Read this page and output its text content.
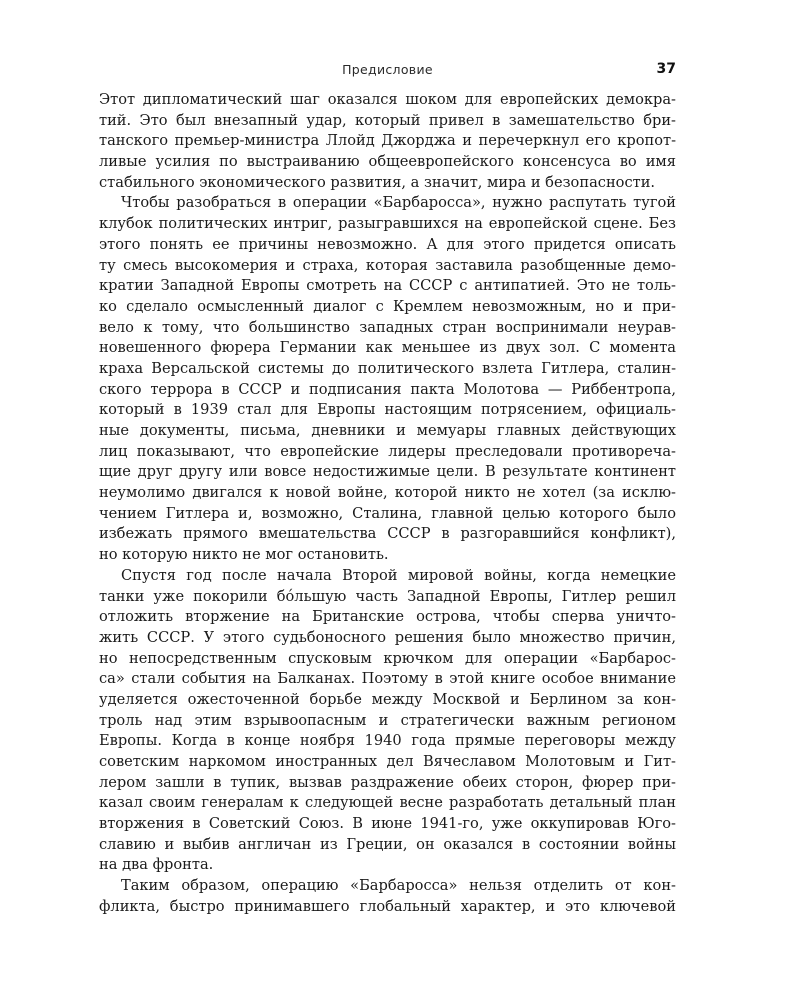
Предисловие	37
Этот дипломатический шаг оказался шоком для европейских демокра-
тий. Это был внезапный удар, который привел в замешательство бри-
танского премьер-министра Ллойд Джорджа и перечеркнул его кропот-
ливые усилия по выстраиванию общеевропейского консенсуса во имя
стабильного экономического развития, а значит, мира и безопасности.
Чтобы разобраться в операции «Барбаросса», нужно распутать тугой
клубок политических интриг, разыгравшихся на европейской сцене. Без
этого понять ее причины невозможно. А для этого придется описать
ту смесь высокомерия и страха, которая заставила разобщенные демо-
кратии Западной Европы смотреть на СССР с антипатией. Это не толь-
ко сделало осмысленный диалог с Кремлем невозможным, но и при-
вело к тому, что большинство западных стран воспринимали неурав-
новешенного фюрера Германии как меньшее из двух зол. С момента
краха Версальской системы до политического взлета Гитлера, сталин-
ского террора в СССР и подписания пакта Молотова — Риббентропа,
который в 1939 стал для Европы настоящим потрясением, официаль-
ные документы, письма, дневники и мемуары главных действующих
лиц показывают, что европейские лидеры преследовали противореча-
щие друг другу или вовсе недостижимые цели. В результате континент
неумолимо двигался к новой войне, которой никто не хотел (за исклю-
чением Гитлера и, возможно, Сталина, главной целью которого было
избежать прямого вмешательства СССР в разгоравшийся конфликт),
но которую никто не мог остановить.
Спустя год после начала Второй мировой войны, когда немецкие
танки уже покорили бóльшую часть Западной Европы, Гитлер решил
отложить вторжение на Британские острова, чтобы сперва уничто-
жить СССР. У этого судьбоносного решения было множество причин,
но непосредственным спусковым крючком для операции «Барбарос-
са» стали события на Балканах. Поэтому в этой книге особое внимание
уделяется ожесточенной борьбе между Москвой и Берлином за кон-
троль над этим взрывоопасным и стратегически важным регионом
Европы. Когда в конце ноября 1940 года прямые переговоры между
советским наркомом иностранных дел Вячеславом Молотовым и Гит-
лером зашли в тупик, вызвав раздражение обеих сторон, фюрер при-
казал своим генералам к следующей весне разработать детальный план
вторжения в Советский Союз. В июне 1941-го, уже оккупировав Юго-
славию и выбив англичан из Греции, он оказался в состоянии войны
на два фронта.
Таким образом, операцию «Барбаросса» нельзя отделить от кон-
фликта, быстро принимавшего глобальный характер, и это ключевой
